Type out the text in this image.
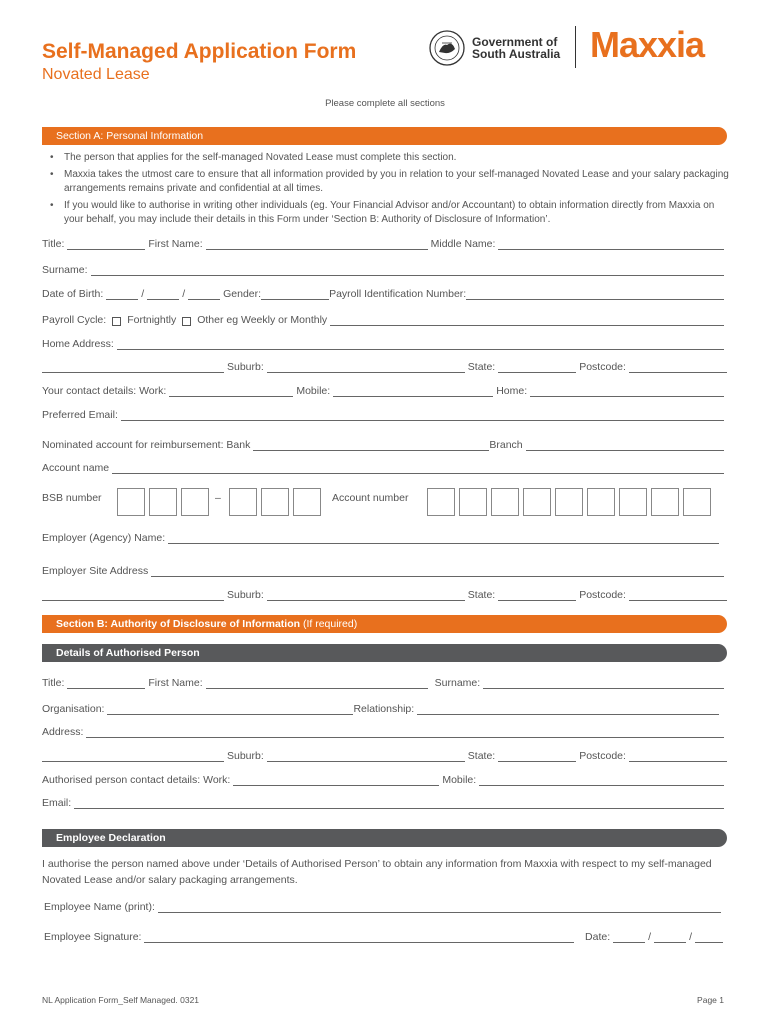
Self-Managed Application Form
Novated Lease
Government of
South Australia Maxxia
Please complete all sections
Section A: Personal Information
• The person that applies for the self-managed Novated Lease must complete this section.
• Maxxia takes the utmost care to ensure that all information provided by you in relation to your self-managed Novated Lease and your salary packaging arrangements remains private and confidential at all times.
• If you would like to authorise in writing other individuals (eg. Your Financial Advisor and/or Accountant) to obtain information directly from Maxxia on your behalf, you may include their details in this Form under ‘Section B: Authority of Disclosure of Information’.
Title:	First Name:	Middle Name:
Surname:
Date of Birth:	/	/	Gender:	Payroll Identification Number:
Payroll Cycle: Fortnightly Other eg Weekly or Monthly
Home Address:
Suburb:	State:	Postcode:
Your contact details: Work:	Mobile:	Home:
Preferred Email:
Nominated account for reimbursement: Bank	Branch
Account name
BSB number	–	Account number
Employer (Agency) Name:
Employer Site Address
Suburb:	State:	Postcode:
Section B: Authority of Disclosure of Information (If required)
Details of Authorised Person
Title:	First Name:	Surname:
Organisation:	Relationship:
Address:
Suburb:	State:	Postcode:
Authorised person contact details: Work:	Mobile:
Email:
Employee Declaration
I authorise the person named above under ‘Details of Authorised Person’ to obtain any information from Maxxia with respect to my self-managed Novated Lease and/or salary packaging arrangements.
Employee Name (print):
Employee Signature:	Date:	/	/
NL Application Form_Self Managed. 0321	Page 1
